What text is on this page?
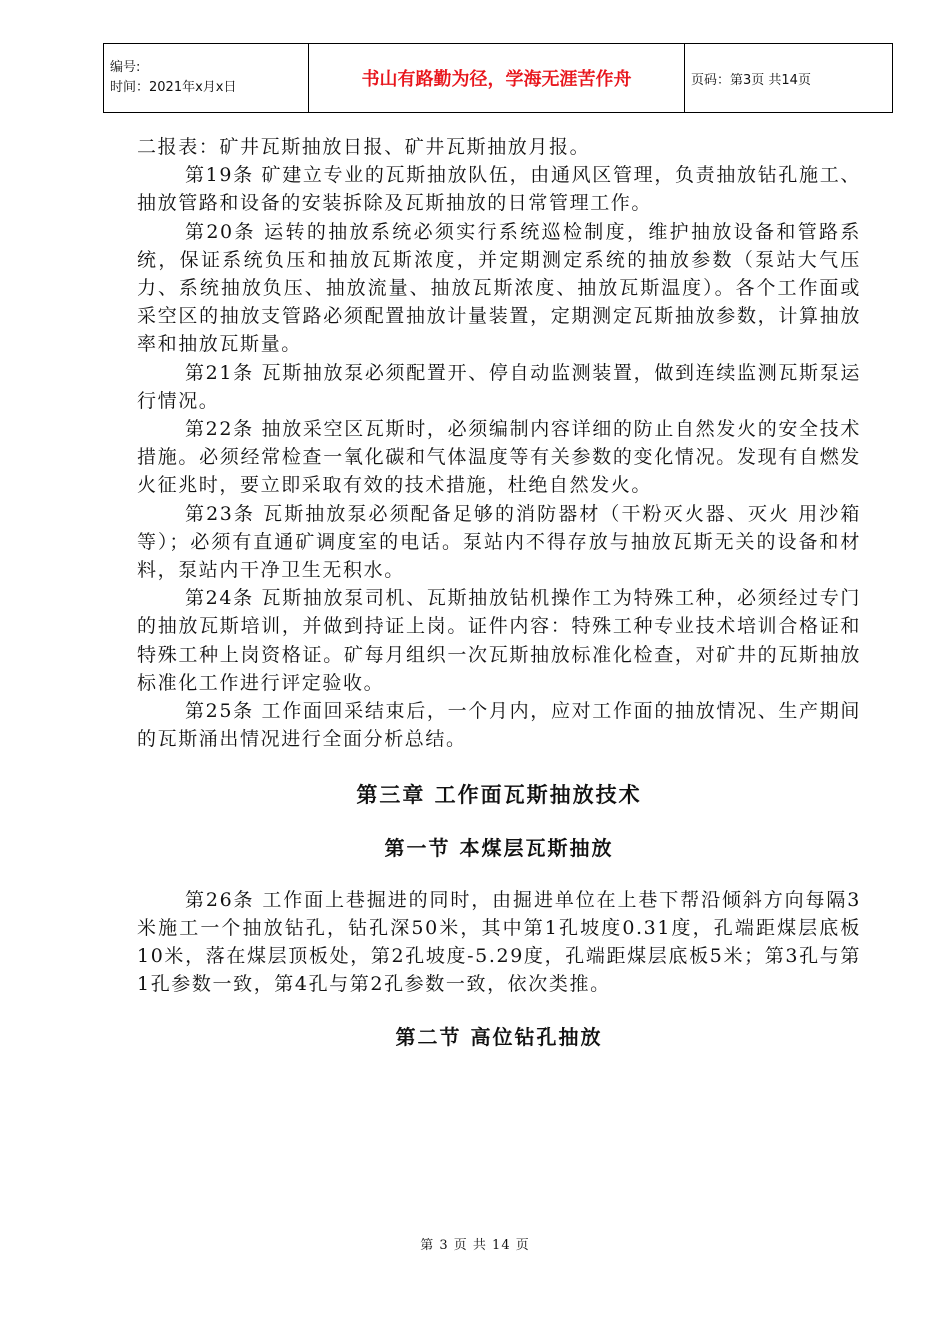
编号:
时间：2021年x月x日	书山有路勤为径，学海无涯苦作舟	页码：第3页 共14页

二报表：矿井瓦斯抽放日报、矿井瓦斯抽放月报。

第19条 矿建立专业的瓦斯抽放队伍，由通风区管理，负责抽放钻孔施工、抽放管路和设备的安装拆除及瓦斯抽放的日常管理工作。

第20条 运转的抽放系统必须实行系统巡检制度，维护抽放设备和管路系统，保证系统负压和抽放瓦斯浓度，并定期测定系统的抽放参数（泵站大气压力、系统抽放负压、抽放流量、抽放瓦斯浓度、抽放瓦斯温度）。各个工作面或采空区的抽放支管路必须配置抽放计量装置，定期测定瓦斯抽放参数，计算抽放率和抽放瓦斯量。

第21条 瓦斯抽放泵必须配置开、停自动监测装置，做到连续监测瓦斯泵运行情况。

第22条 抽放采空区瓦斯时，必须编制内容详细的防止自然发火的安全技术措施。必须经常检查一氧化碳和气体温度等有关参数的变化情况。发现有自燃发火征兆时，要立即采取有效的技术措施，杜绝自然发火。

第23条 瓦斯抽放泵必须配备足够的消防器材（干粉灭火器、灭火 用沙箱等）；必须有直通矿调度室的电话。泵站内不得存放与抽放瓦斯无关的设备和材料，泵站内干净卫生无积水。

第24条 瓦斯抽放泵司机、瓦斯抽放钻机操作工为特殊工种，必须经过专门的抽放瓦斯培训，并做到持证上岗。证件内容：特殊工种专业技术培训合格证和特殊工种上岗资格证。矿每月组织一次瓦斯抽放标准化检查，对矿井的瓦斯抽放标准化工作进行评定验收。

第25条 工作面回采结束后，一个月内，应对工作面的抽放情况、生产期间的瓦斯涌出情况进行全面分析总结。

第三章 工作面瓦斯抽放技术

第一节 本煤层瓦斯抽放

第26条 工作面上巷掘进的同时，由掘进单位在上巷下帮沿倾斜方向每隔3米施工一个抽放钻孔，钻孔深50米，其中第1孔坡度0.31度，孔端距煤层底板10米，落在煤层顶板处，第2孔坡度-5.29度，孔端距煤层底板5米；第3孔与第1孔参数一致，第4孔与第2孔参数一致，依次类推。

第二节 高位钻孔抽放

第 3 页 共 14 页
